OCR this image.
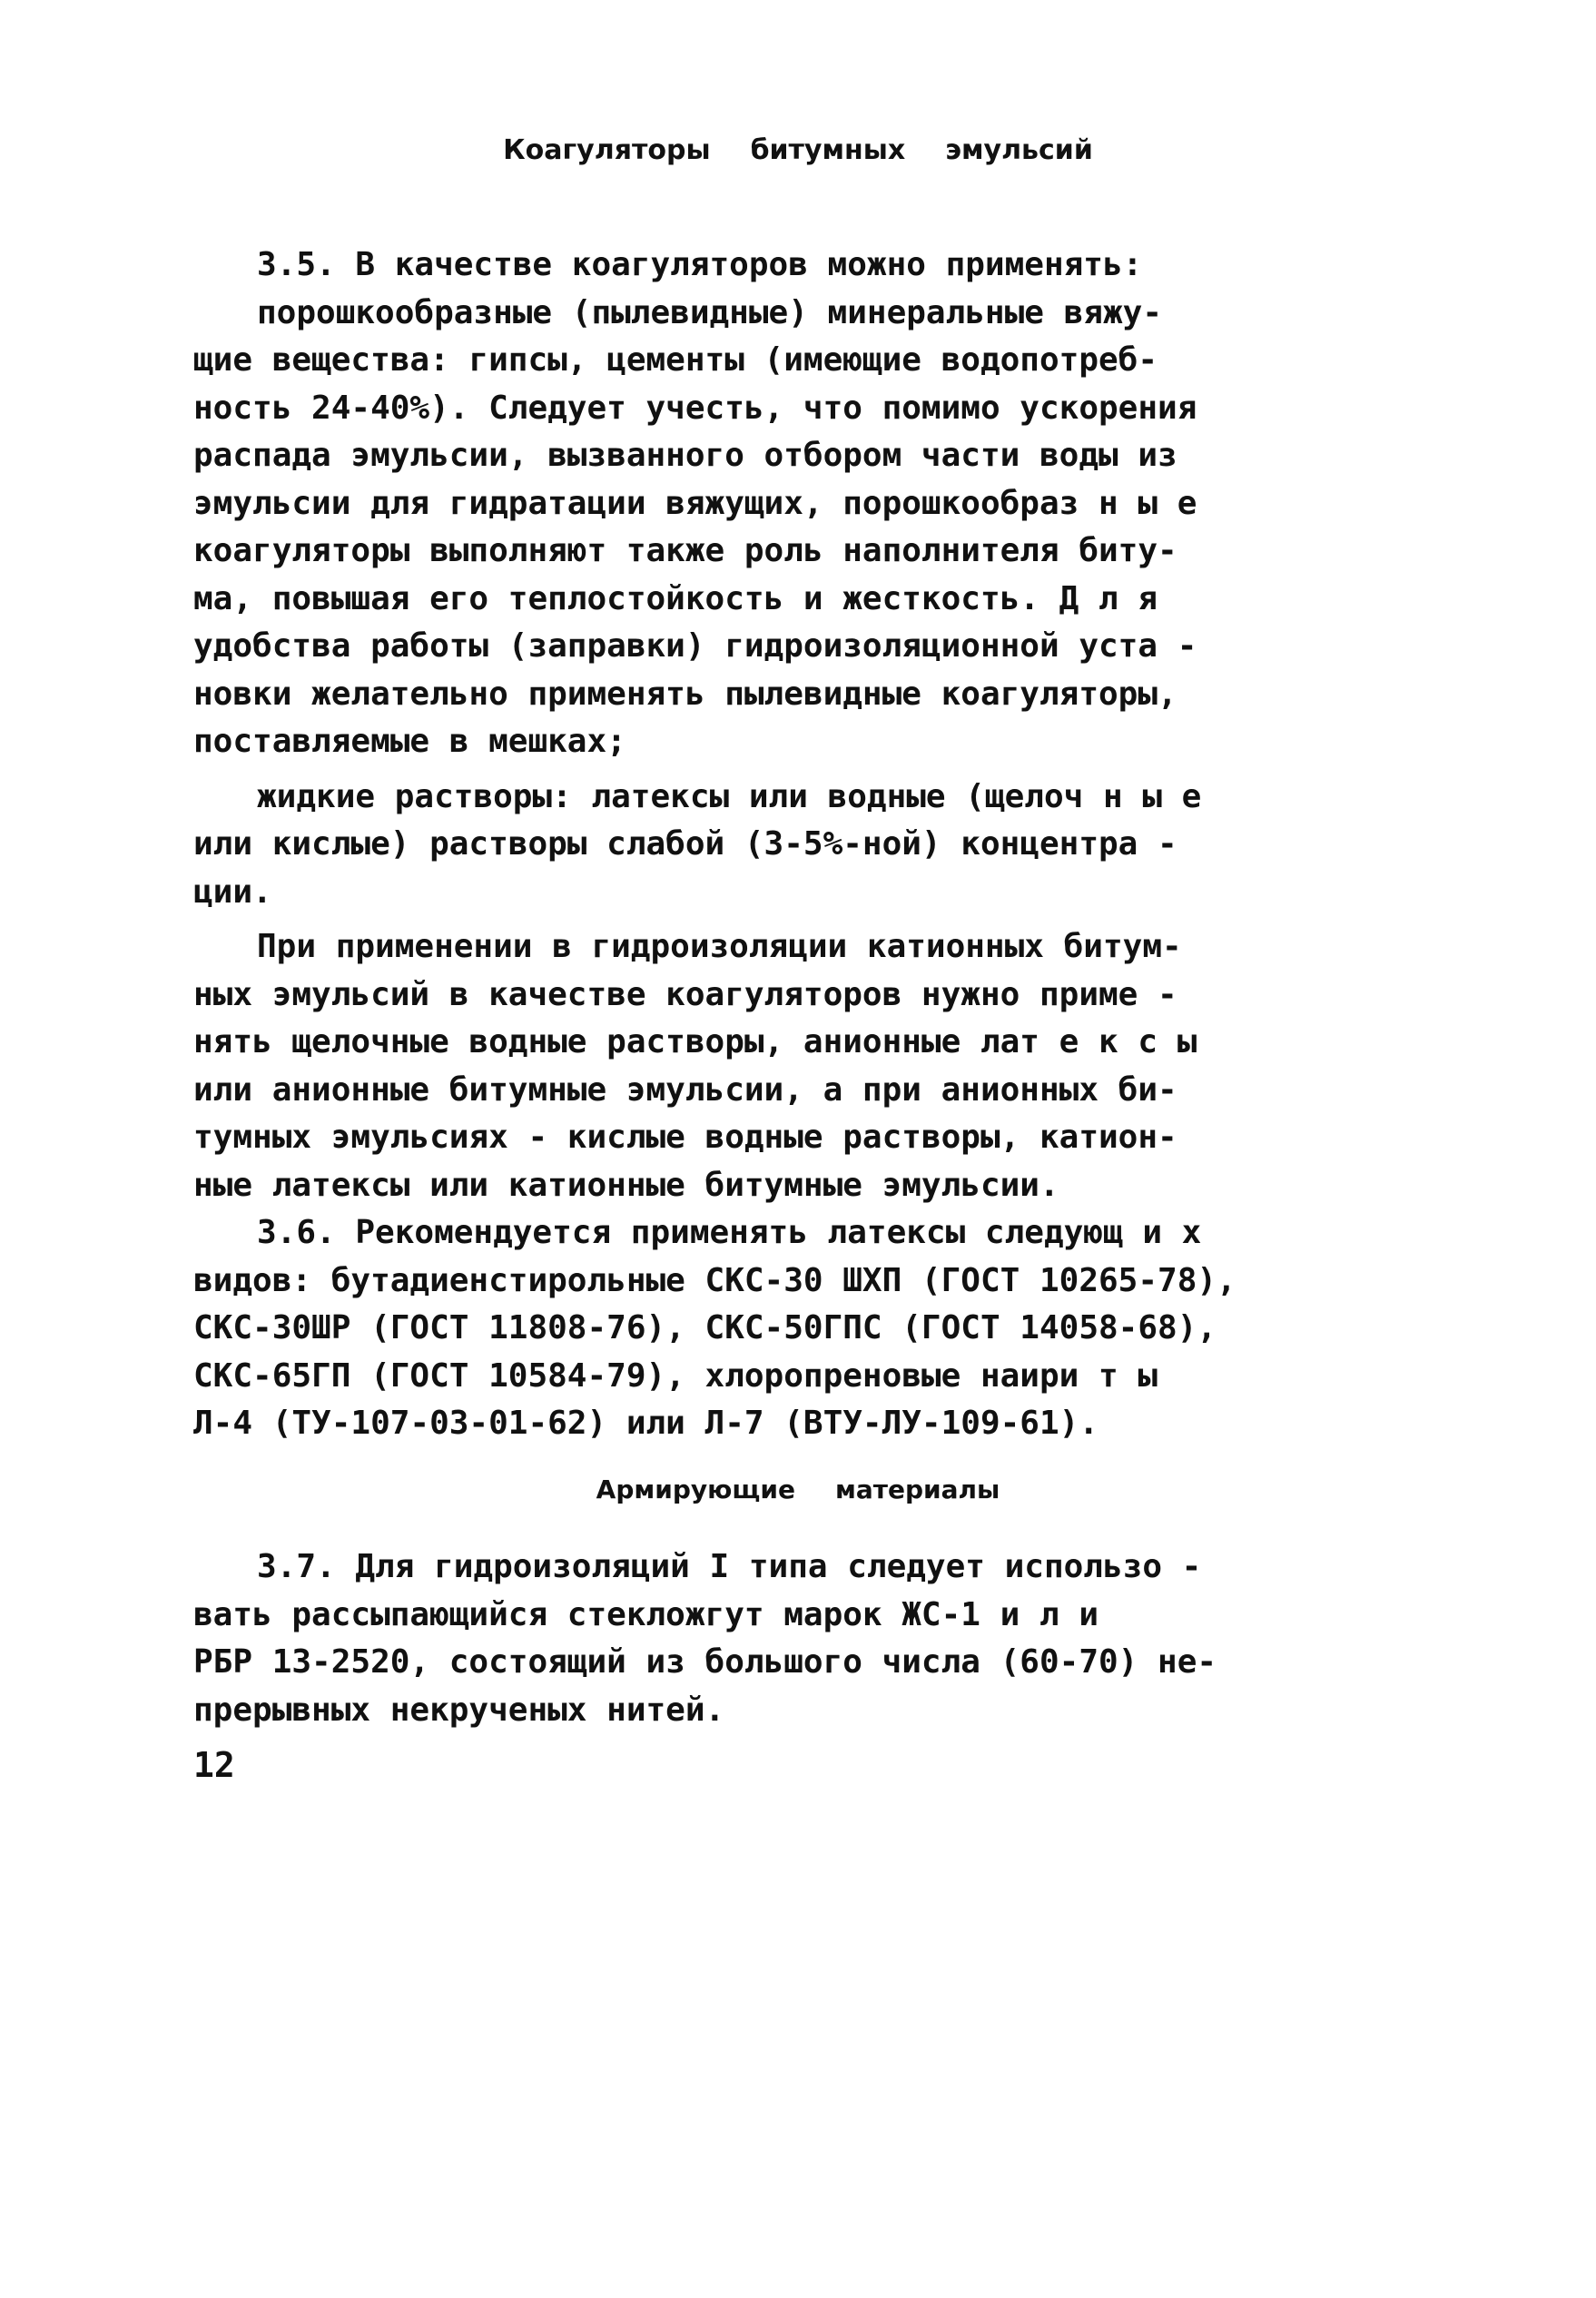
Коагуляторы битумных эмульсий
3.5. В качестве коагуляторов можно применять:
порошкообразные (пылевидные) минеральные вяжу-
щие вещества: гипсы, цементы (имеющие водопотреб-
ность 24-40%). Следует учесть, что помимо ускорения
распада эмульсии, вызванного отбором части воды из
эмульсии для гидратации вяжущих, порошкообраз н ы е
коагуляторы выполняют также роль наполнителя биту-
ма, повышая его теплостойкость и жесткость. Д л я
удобства работы (заправки) гидроизоляционной уста -
новки желательно применять пылевидные коагуляторы,
поставляемые в мешках;
жидкие растворы: латексы или водные (щелоч н ы е
или кислые) растворы слабой (3-5%-ной) концентра -
ции.
При применении в гидроизоляции катионных битум-
ных эмульсий в качестве коагуляторов нужно приме -
нять щелочные водные растворы, анионные лат е к с ы
или анионные битумные эмульсии, а при анионных би-
тумных эмульсиях - кислые водные растворы, катион-
ные латексы или катионные битумные эмульсии.
3.6. Рекомендуется применять латексы следующ и х
видов: бутадиенстирольные СКС-30 ШХП (ГОСТ 10265-78),
СКС-30ШР (ГОСТ 11808-76), СКС-50ГПС (ГОСТ 14058-68),
СКС-65ГП (ГОСТ 10584-79), хлоропреновые наири т ы
Л-4 (ТУ-107-03-01-62) или Л-7 (ВТУ-ЛУ-109-61).
Армирующие материалы
3.7. Для гидроизоляций I типа следует использо -
вать рассыпающийся стекложгут марок ЖС-1 и л и
РБР 13-2520, состоящий из большого числа (60-70) не-
прерывных некрученых нитей.
12
